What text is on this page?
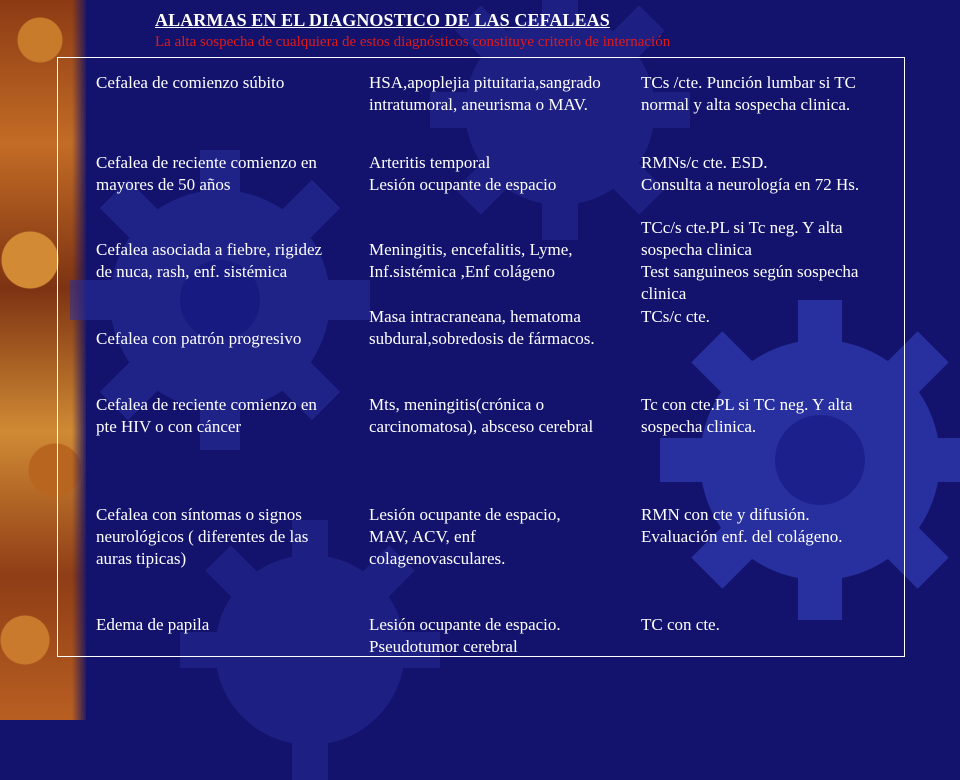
ALARMAS EN EL DIAGNOSTICO DE LAS CEFALEAS

La alta sospecha de cualquiera de estos diagnósticos constituye criterio de internación

Cefalea de comienzo súbito	HSA,apoplejia pituitaria,sangrado
intratumoral, aneurisma o MAV.
TCs /cte. Punción lumbar si TC
normal y alta sospecha clinica.
Cefalea de reciente comienzo en
mayores de 50 años
Arteritis temporal
Lesión ocupante de espacio
RMNs/c cte. ESD.
Consulta a neurología en 72 Hs.
Cefalea asociada a fiebre, rigidez
de nuca, rash, enf. sistémica
Meningitis, encefalitis, Lyme,
Inf.sistémica ,Enf colágeno
TCc/s cte.PL si Tc neg. Y alta
sospecha clinica
Test sanguineos según sospecha
clinica
Cefalea con patrón progresivo
Masa intracraneana, hematoma
subdural,sobredosis de fármacos.
TCs/c cte.
Cefalea de reciente comienzo en
pte HIV o con cáncer
Mts, meningitis(crónica o
carcinomatosa), absceso cerebral
Tc con cte.PL si TC neg. Y alta
sospecha clinica.
Cefalea con síntomas o signos
neurológicos ( diferentes de las
auras tipicas)
Lesión ocupante de espacio,
MAV, ACV, enf
colagenovasculares.
RMN con cte y difusión.
Evaluación enf. del colágeno.
Edema de papila	Lesión ocupante de espacio.
Pseudotumor cerebral
TC con cte.
